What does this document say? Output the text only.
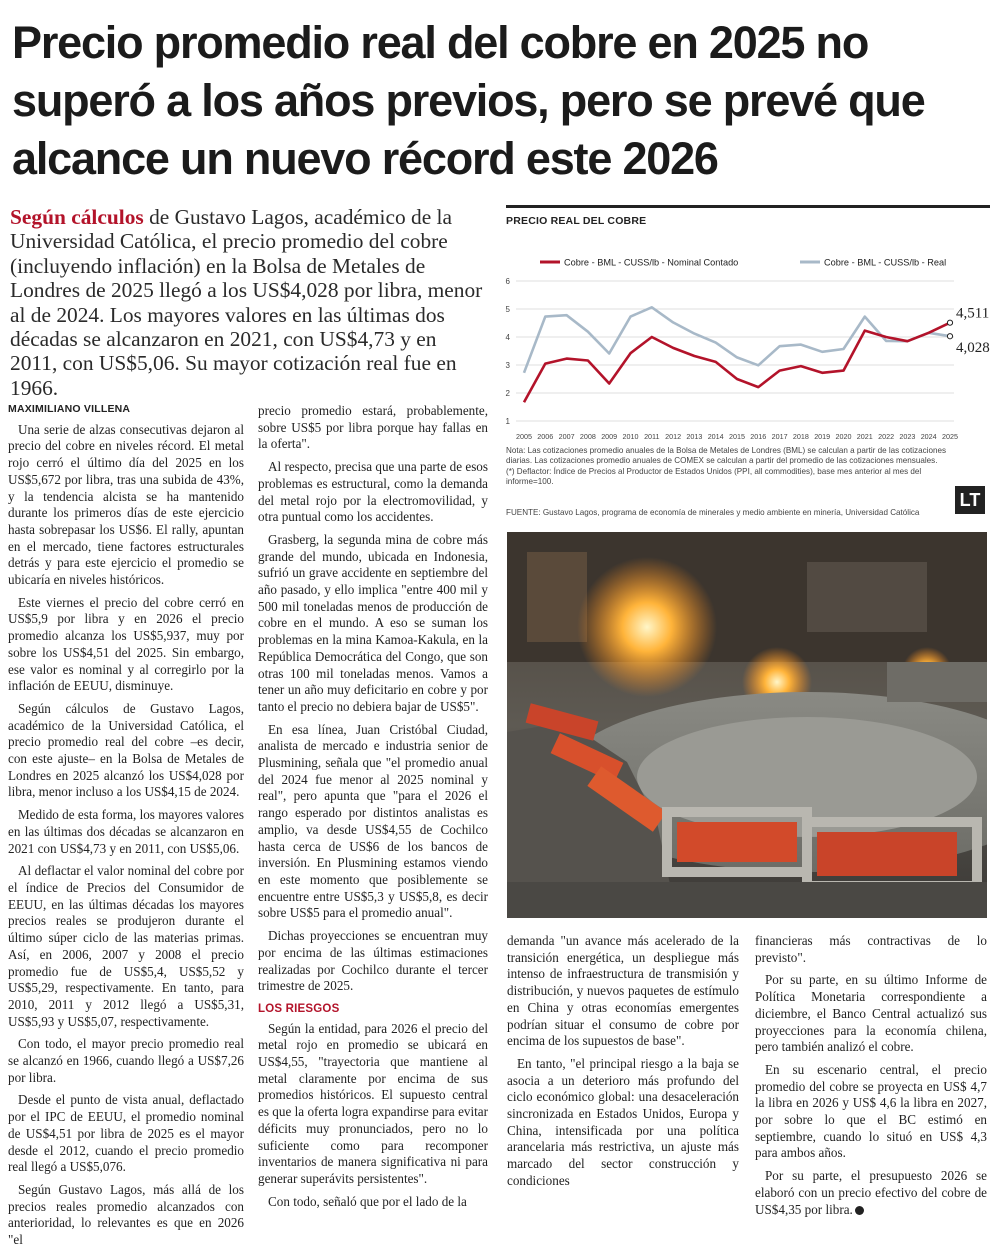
Precio promedio real del cobre en 2025 no superó a los años previos, pero se prevé que alcance un nuevo récord este 2026

Según cálculos de Gustavo Lagos, académico de la Universidad Católica, el precio promedio del cobre (incluyendo inflación) en la Bolsa de Metales de Londres de 2025 llegó a los US$4,028 por libra, menor al de 2024. Los mayores valores en las últimas dos décadas se alcanzaron en 2021, con US$4,73 y en 2011, con US$5,06. Su mayor cotización real fue en 1966.

MAXIMILIANO VILLENA

Una serie de alzas consecutivas dejaron al precio del cobre en niveles récord. El metal rojo cerró el último día del 2025 en los US$5,672 por libra, tras una subida de 43%, y la tendencia alcista se ha mantenido durante los primeros días de este ejercicio hasta sobrepasar los US$6. El rally, apuntan en el mercado, tiene factores estructurales detrás y para este ejercicio el promedio se ubicaría en niveles históricos.

Este viernes el precio del cobre cerró en US$5,9 por libra y en 2026 el precio promedio alcanza los US$5,937, muy por sobre los US$4,51 del 2025. Sin embargo, ese valor es nominal y al corregirlo por la inflación de EEUU, disminuye.

Según cálculos de Gustavo Lagos, académico de la Universidad Católica, el precio promedio real del cobre –es decir, con este ajuste– en la Bolsa de Metales de Londres en 2025 alcanzó los US$4,028 por libra, menor incluso a los US$4,15 de 2024.

Medido de esta forma, los mayores valores en las últimas dos décadas se alcanzaron en 2021 con US$4,73 y en 2011, con US$5,06.

Al deflactar el valor nominal del cobre por el índice de Precios del Consumidor de EEUU, en las últimas décadas los mayores precios reales se produjeron durante el último súper ciclo de las materias primas. Así, en 2006, 2007 y 2008 el precio promedio fue de US$5,4, US$5,52 y US$5,29, respectivamente. En tanto, para 2010, 2011 y 2012 llegó a US$5,31, US$5,93 y US$5,07, respectivamente.

Con todo, el mayor precio promedio real se alcanzó en 1966, cuando llegó a US$7,26 por libra.

Desde el punto de vista anual, deflactado por el IPC de EEUU, el promedio nominal de US$4,51 por libra de 2025 es el mayor desde el 2012, cuando el precio promedio real llegó a US$5,076.

Según Gustavo Lagos, más allá de los precios reales promedio alcanzados con anterioridad, lo relevantes es que en 2026 "el

precio promedio estará, probablemente, sobre US$5 por libra porque hay fallas en la oferta".

Al respecto, precisa que una parte de esos problemas es estructural, como la demanda del metal rojo por la electromovilidad, y otra puntual como los accidentes.

Grasberg, la segunda mina de cobre más grande del mundo, ubicada en Indonesia, sufrió un grave accidente en septiembre del año pasado, y ello implica "entre 400 mil y 500 mil toneladas menos de producción de cobre en el mundo. A eso se suman los problemas en la mina Kamoa-Kakula, en la República Democrática del Congo, que son otras 100 mil toneladas menos. Vamos a tener un año muy deficitario en cobre y por tanto el precio no debiera bajar de US$5".

En esa línea, Juan Cristóbal Ciudad, analista de mercado e industria senior de Plusmining, señala que "el promedio anual del 2024 fue menor al 2025 nominal y real", pero apunta que "para el 2026 el rango esperado por distintos analistas es amplio, va desde US$4,55 de Cochilco hasta cerca de US$6 de los bancos de inversión. En Plusmining estamos viendo en este momento que posiblemente se encuentre entre US$5,3 y US$5,8, es decir sobre US$5 para el promedio anual".

Dichas proyecciones se encuentran muy por encima de las últimas estimaciones realizadas por Cochilco durante el tercer trimestre de 2025.

LOS RIESGOS

Según la entidad, para 2026 el precio del metal rojo en promedio se ubicará en US$4,55, "trayectoria que mantiene al metal claramente por encima de sus promedios históricos. El supuesto central es que la oferta logra expandirse para evitar déficits muy pronunciados, pero no lo suficiente como para recomponer inventarios de manera significativa ni para generar superávits persistentes".

Con todo, señaló que por el lado de la

demanda "un avance más acelerado de la transición energética, un despliegue más intenso de infraestructura de transmisión y distribución, y nuevos paquetes de estímulo en China y otras economías emergentes podrían situar el consumo de cobre por encima de los supuestos de base".

En tanto, "el principal riesgo a la baja se asocia a un deterioro más profundo del ciclo económico global: una desaceleración sincronizada en Estados Unidos, Europa y China, intensificada por una política arancelaria más restrictiva, un ajuste más marcado del sector construcción y condiciones

financieras más contractivas de lo previsto".

Por su parte, en su último Informe de Política Monetaria correspondiente a diciembre, el Banco Central actualizó sus proyecciones para la economía chilena, pero también analizó el cobre.

En su escenario central, el precio promedio del cobre se proyecta en US$ 4,7 la libra en 2026 y US$ 4,6 la libra en 2027, por sobre lo que el BC estimó en septiembre, cuando lo situó en US$ 4,3 para ambos años.

Por su parte, el presupuesto 2026 se elaboró con un precio efectivo del cobre de US$4,35 por libra.

PRECIO REAL DEL COBRE
1
2
3
4
5
6
2005 2006 2007 2008 2009 2010 2011 2012 2013 2014 2015 2016 2017 2018 2019 2020 2021 2022 2023 2024 2025
Cobre - BML - CUSS/lb - Nominal Contado	Cobre - BML - CUSS/lb - Real
4,511
4,028

Nota: Las cotizaciones promedio anuales de la Bolsa de Metales de Londres (BML) se calculan a partir de las cotizaciones diarias. Las cotizaciones promedio anuales de COMEX se calculan a partir del promedio de las cotizaciones mensuales. (*) Deflactor: Índice de Precios al Productor de Estados Unidos (PPI, all commodities), base mes anterior al mes del informe=100.

LT

FUENTE: Gustavo Lagos, programa de economía de minerales y medio ambiente en minería, Universidad Católica
